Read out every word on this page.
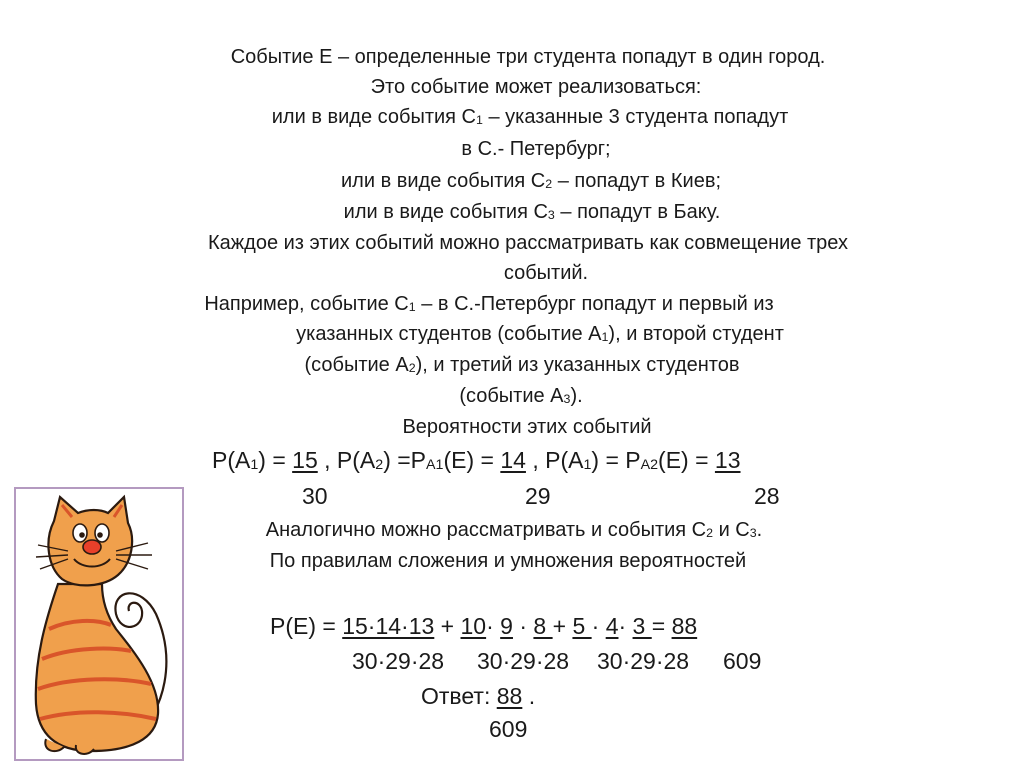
Событие Е – определенные три студента попадут в один город.
Это событие может реализоваться:
или в виде события $С_1$ – указанные 3 студента попадут
в С.- Петербург;
или в виде события $С_2$ – попадут в Киев;
или в виде события $С_3$ – попадут в Баку.
Каждое из этих событий можно рассматривать как совмещение трех
событий.
Например, событие $С_1$ – в С.-Петербург попадут и первый из
указанных студентов (событие $А_1$), и второй студент
(событие $А_2$), и третий из указанных студентов
(событие $А_3$).
Вероятности этих событий
$P(A_1) = 15$ , $P(A_2) =P_{A1}(E) = 14$ , $P(A_1) = P_{A2}(E) = 13$
30	29	28
Аналогично можно рассматривать и события $С_2$ и $С_3$.
По правилам сложения и умножения вероятностей
P(E) = 15·14·13 + 10· 9 · 8 + 5 · 4· 3 = 88
30·29·28 30·29·28 30·29·28 609
Ответ: 88 .
609
